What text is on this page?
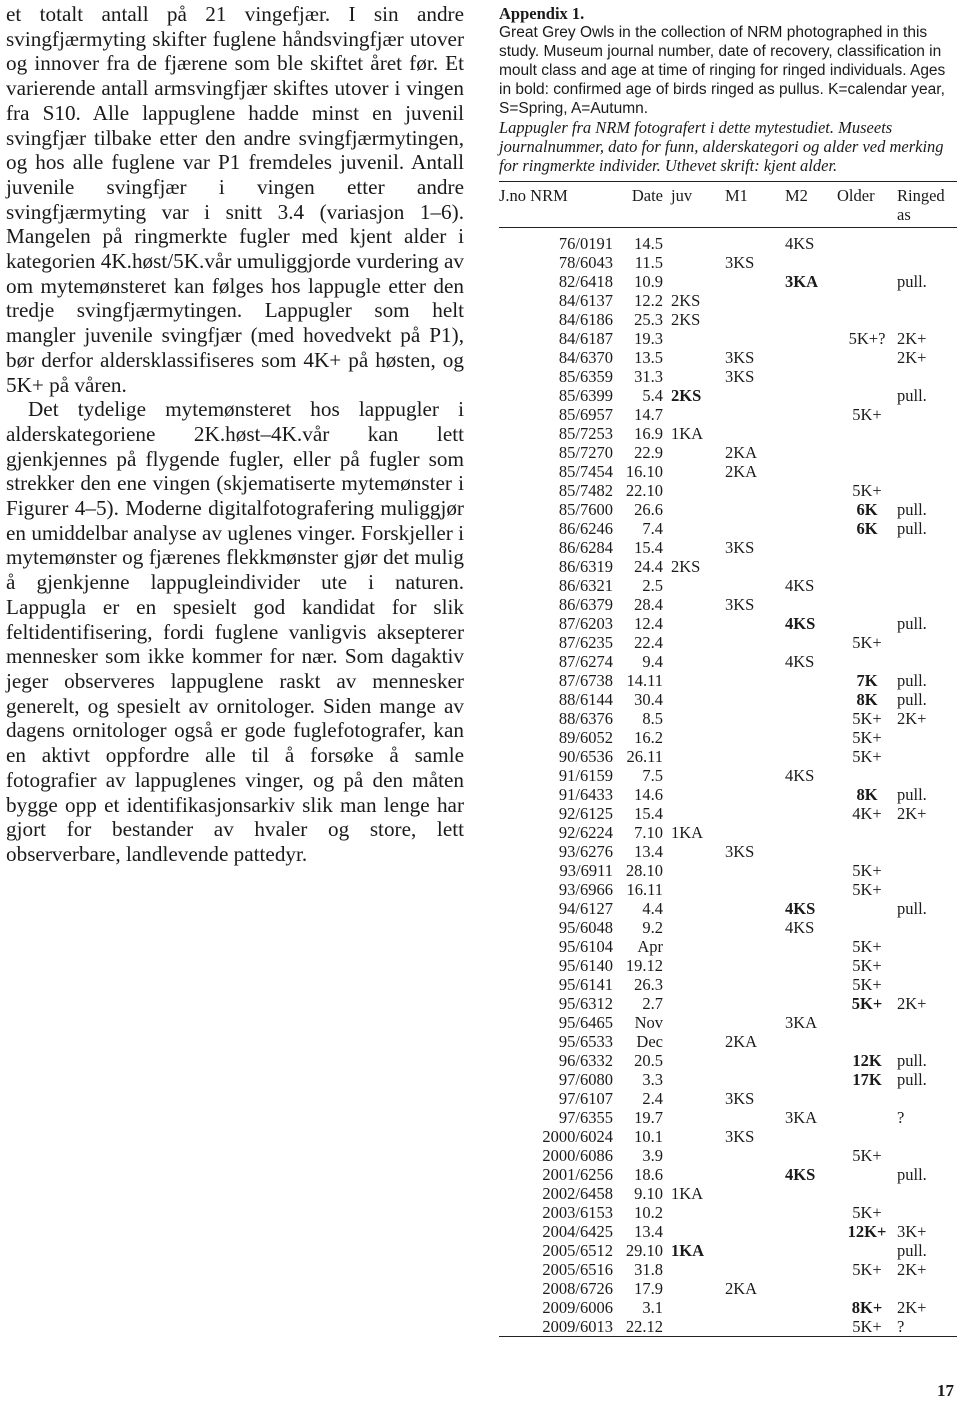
et totalt antall på 21 vingefjær. I sin andre svingfjærmyting skifter fuglene håndsvingfjær utover og innover fra de fjærene som ble skiftet året før. Et varierende antall armsvingfjær skiftes utover i vingen fra S10. Alle lappuglene hadde minst en juvenil svingfjær tilbake etter den andre svingfjærmytingen, og hos alle fuglene var P1 fremdeles juvenil. Antall juvenile svingfjær i vingen etter andre svingfjærmyting var i snitt 3.4 (variasjon 1–6). Mangelen på ringmerkte fugler med kjent alder i kategorien 4K.høst/5K.vår umuliggjorde vurdering av om mytemønsteret kan følges hos lappugle etter den tredje svingfjærmytingen. Lappugler som helt mangler juvenile svingfjær (med hovedvekt på P1), bør derfor aldersklassifiseres som 4K+ på høsten, og 5K+ på våren.

Det tydelige mytemønsteret hos lappugler i alderskategoriene 2K.høst–4K.vår kan lett gjenkjennes på flygende fugler, eller på fugler som strekker den ene vingen (skjematiserte mytemønster i Figurer 4–5). Moderne digitalfotografering muliggjør en umiddelbar analyse av uglenes vinger. Forskjeller i mytemønster og fjærenes flekkmønster gjør det mulig å gjenkjenne lappugleindivider ute i naturen. Lappugla er en spesielt god kandidat for slik feltidentifisering, fordi fuglene vanligvis aksepterer mennesker som ikke kommer for nær. Som dagaktiv jeger observeres lappuglene raskt av mennesker generelt, og spesielt av ornitologer. Siden mange av dagens ornitologer også er gode fuglefotografer, kan en aktivt oppfordre alle til å forsøke å samle fotografier av lappuglenes vinger, og på den måten bygge opp et identifikasjonsarkiv slik man lenge har gjort for bestander av hvaler og store, lett observerbare, landlevende pattedyr.

Appendix 1.

Great Grey Owls in the collection of NRM photographed in this study. Museum journal number, date of recovery, classification in moult class and age at time of ringing for ringed individuals. Ages in bold: confirmed age of birds ringed as pullus. K=calendar year, S=Spring, A=Autumn.

Lappugler fra NRM fotografert i dette mytestudiet. Museets journalnummer, dato for funn, alderskategori og alder ved merking for ringmerkte individer. Uthevet skrift: kjent alder.

J.no NRM	Date	juv	M1	M2	Older	Ringed as
76/0191	14.5			4KS		
78/6043	11.5		3KS			
82/6418	10.9			3KA		pull.
84/6137	12.2	2KS				
84/6186	25.3	2KS				
84/6187	19.3				5K+?	2K+
84/6370	13.5		3KS			2K+
85/6359	31.3		3KS			
85/6399	5.4	2KS				pull.
85/6957	14.7				5K+	
85/7253	16.9	1KA				
85/7270	22.9		2KA			
85/7454	16.10		2KA			
85/7482	22.10				5K+	
85/7600	26.6				6K	pull.
86/6246	7.4				6K	pull.
86/6284	15.4		3KS			
86/6319	24.4	2KS				
86/6321	2.5			4KS		
86/6379	28.4		3KS			
87/6203	12.4			4KS		pull.
87/6235	22.4				5K+	
87/6274	9.4			4KS		
87/6738	14.11				7K	pull.
88/6144	30.4				8K	pull.
88/6376	8.5				5K+	2K+
89/6052	16.2				5K+	
90/6536	26.11				5K+	
91/6159	7.5			4KS		
91/6433	14.6				8K	pull.
92/6125	15.4				4K+	2K+
92/6224	7.10	1KA				
93/6276	13.4		3KS			
93/6911	28.10				5K+	
93/6966	16.11				5K+	
94/6127	4.4			4KS		pull.
95/6048	9.2			4KS		
95/6104	Apr				5K+	
95/6140	19.12				5K+	
95/6141	26.3				5K+	
95/6312	2.7				5K+	2K+
95/6465	Nov			3KA		
95/6533	Dec		2KA			
96/6332	20.5				12K	pull.
97/6080	3.3				17K	pull.
97/6107	2.4		3KS			
97/6355	19.7			3KA		?
2000/6024	10.1		3KS			
2000/6086	3.9				5K+	
2001/6256	18.6			4KS		pull.
2002/6458	9.10	1KA				
2003/6153	10.2				5K+	
2004/6425	13.4				12K+	3K+
2005/6512	29.10	1KA				pull.
2005/6516	31.8				5K+	2K+
2008/6726	17.9		2KA			
2009/6006	3.1				8K+	2K+
2009/6013	22.12				5K+	?
17
